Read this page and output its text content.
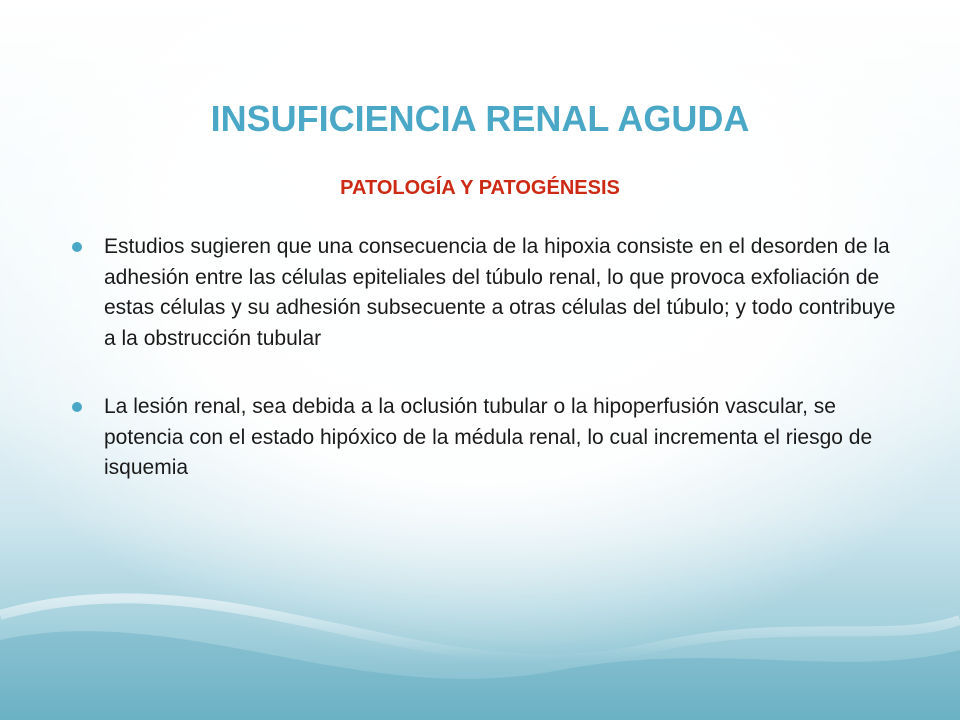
INSUFICIENCIA RENAL AGUDA
PATOLOGÍA Y PATOGÉNESIS
Estudios sugieren que una consecuencia de la hipoxia consiste en el desorden de la adhesión entre las células epiteliales del túbulo renal, lo que provoca exfoliación de estas células y su adhesión subsecuente a otras células del túbulo; y todo contribuye a la obstrucción tubular
La lesión renal, sea debida a la oclusión tubular o la hipoperfusión vascular, se potencia con el estado hipóxico de la médula renal, lo cual incrementa el riesgo de isquemia
